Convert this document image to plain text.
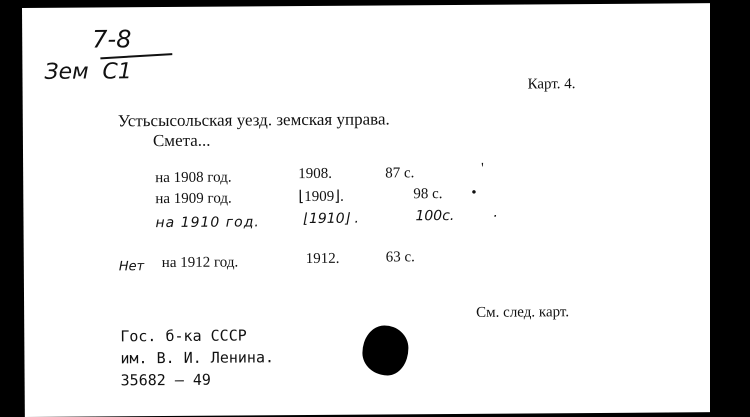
7-8
Зем С1	Карт. 4.
Устьсысольская уезд. земская управа.
Смета...
на 1908 год.	1908.	87 с.	'
на 1909 год.	⌊1909⌋.	98 с. •
на 1910 год.	⌊1910⌋ .	100с.	.
Нет на 1912 год.	1912.	63 с.
См. след. карт.
Гос. б-ка СССР
им. В. И. Ленина.
35682 — 49
